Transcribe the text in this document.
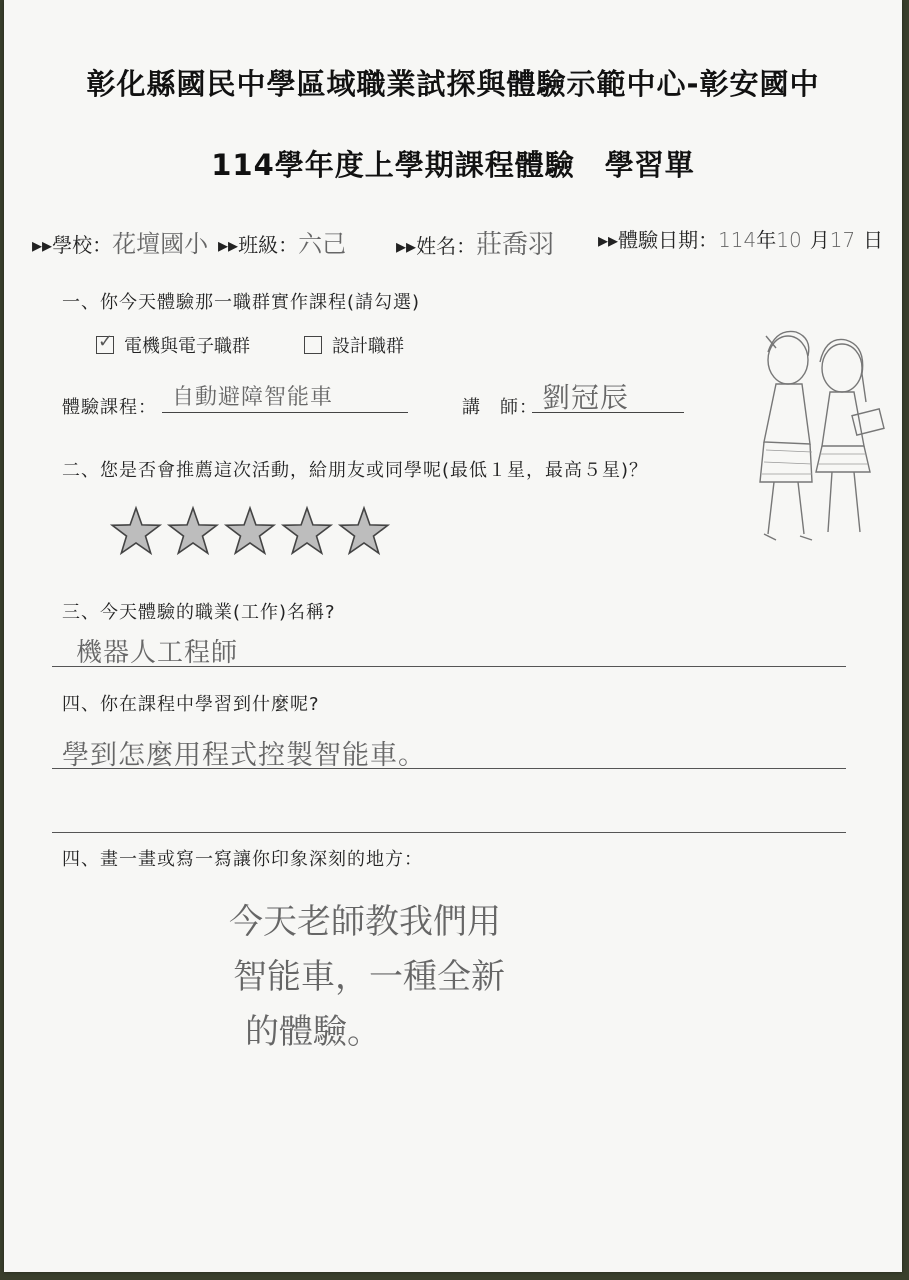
彰化縣國民中學區域職業試探與體驗示範中心-彰安國中
114學年度上學期課程體驗　學習單
▸▸學校：花壇國小 ▸▸班級：六己 ▸▸姓名：莊喬羽 ▸▸體驗日期：114年10 月17 日
一、你今天體驗那一職群實作課程(請勾選)
✓電機與電子職群	設計職群
體驗課程： 自動避障智能車	講　師： 劉冠辰
二、您是否會推薦這次活動，給朋友或同學呢(最低１星，最高５星)？
三、今天體驗的職業(工作)名稱?
機器人工程師
四、你在課程中學習到什麼呢?
學到怎麼用程式控製智能車。
四、畫一畫或寫一寫讓你印象深刻的地方：
今天老師教我們用
智能車，一種全新
的體驗。
